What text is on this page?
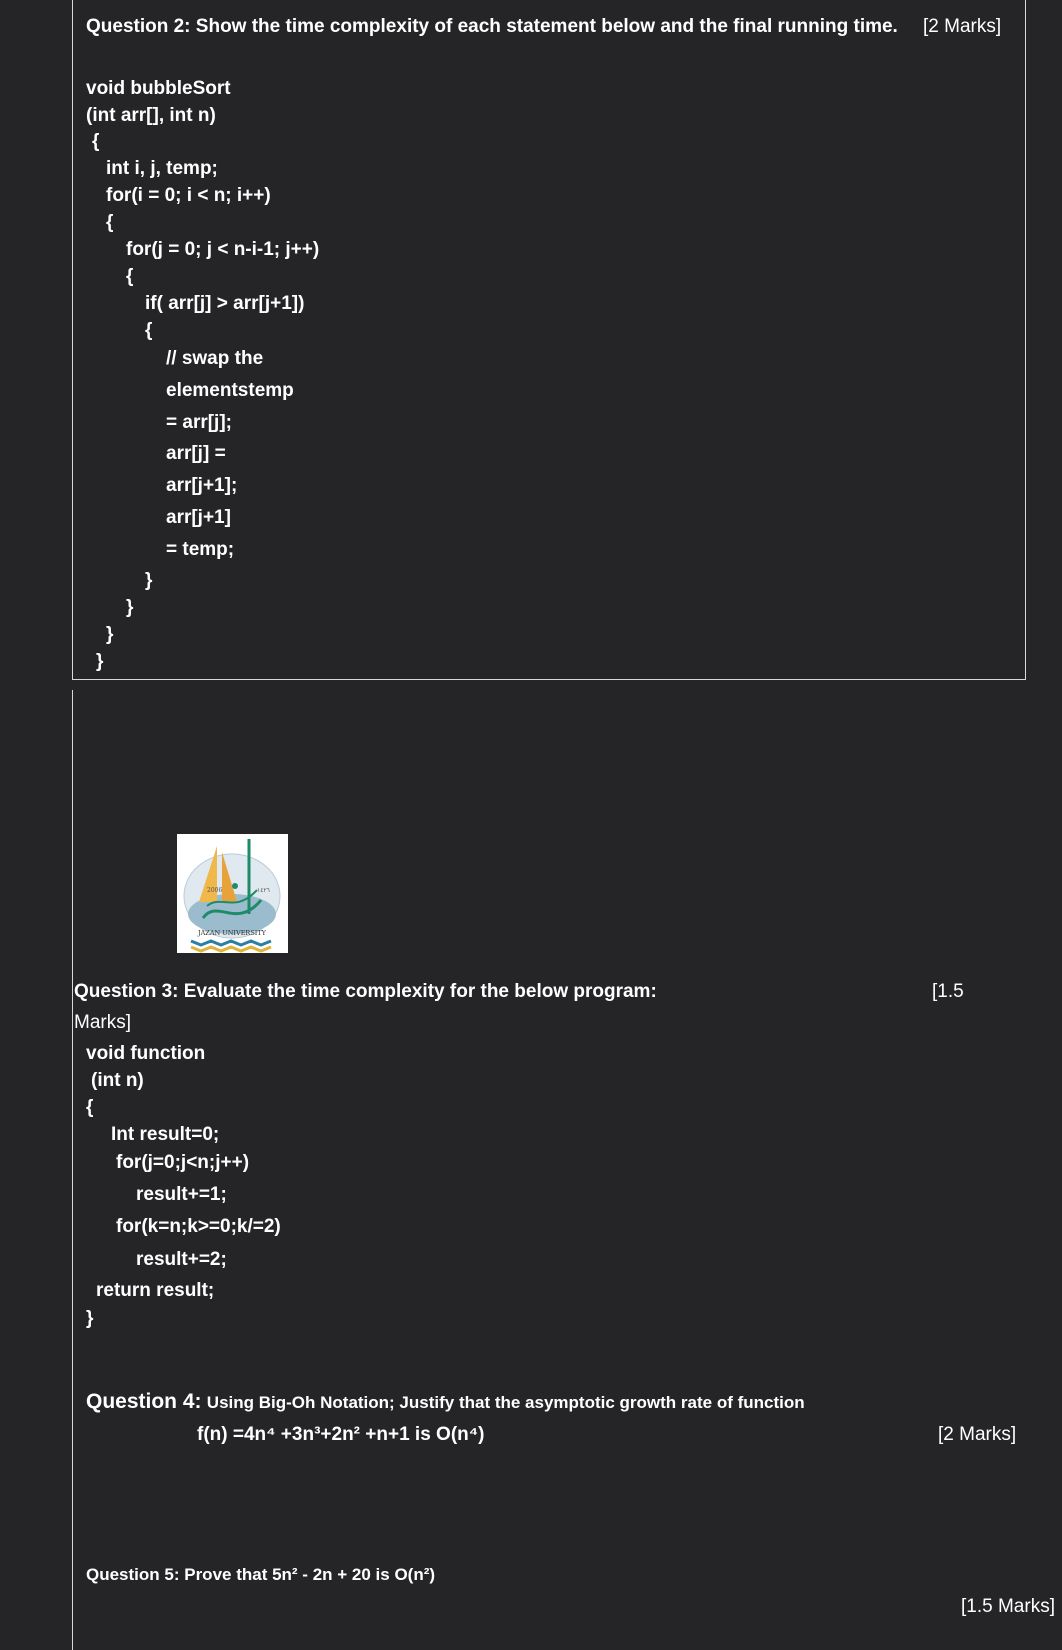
Question 2: Show the time complexity of each statement below and the final running time. [2 Marks]
void bubbleSort
(int arr[], int n)
{
int i, j, temp;
for(i = 0; i < n; i++)
{
for(j = 0; j < n-i-1; j++)
{
if( arr[j] > arr[j+1])
{
// swap the
elementstemp
= arr[j];
arr[j] =
arr[j+1];
arr[j+1]
= temp;
}
}
}
}
2006	١٤٢٦
JAZAN UNIVERSITY
Question 3: Evaluate the time complexity for the below program:	[1.5
Marks]
void function
(int n)
{
Int result=0;
for(j=0;j<n;j++)
result+=1;
for(k=n;k>=0;k/=2)
result+=2;
return result;
}
Question 4: Using Big-Oh Notation; Justify that the asymptotic growth rate of function
f(n) =4n⁴ +3n³+2n² +n+1 is O(n⁴)	[2 Marks]
Question 5: Prove that 5n² - 2n + 20 is O(n²)
[1.5 Marks]
